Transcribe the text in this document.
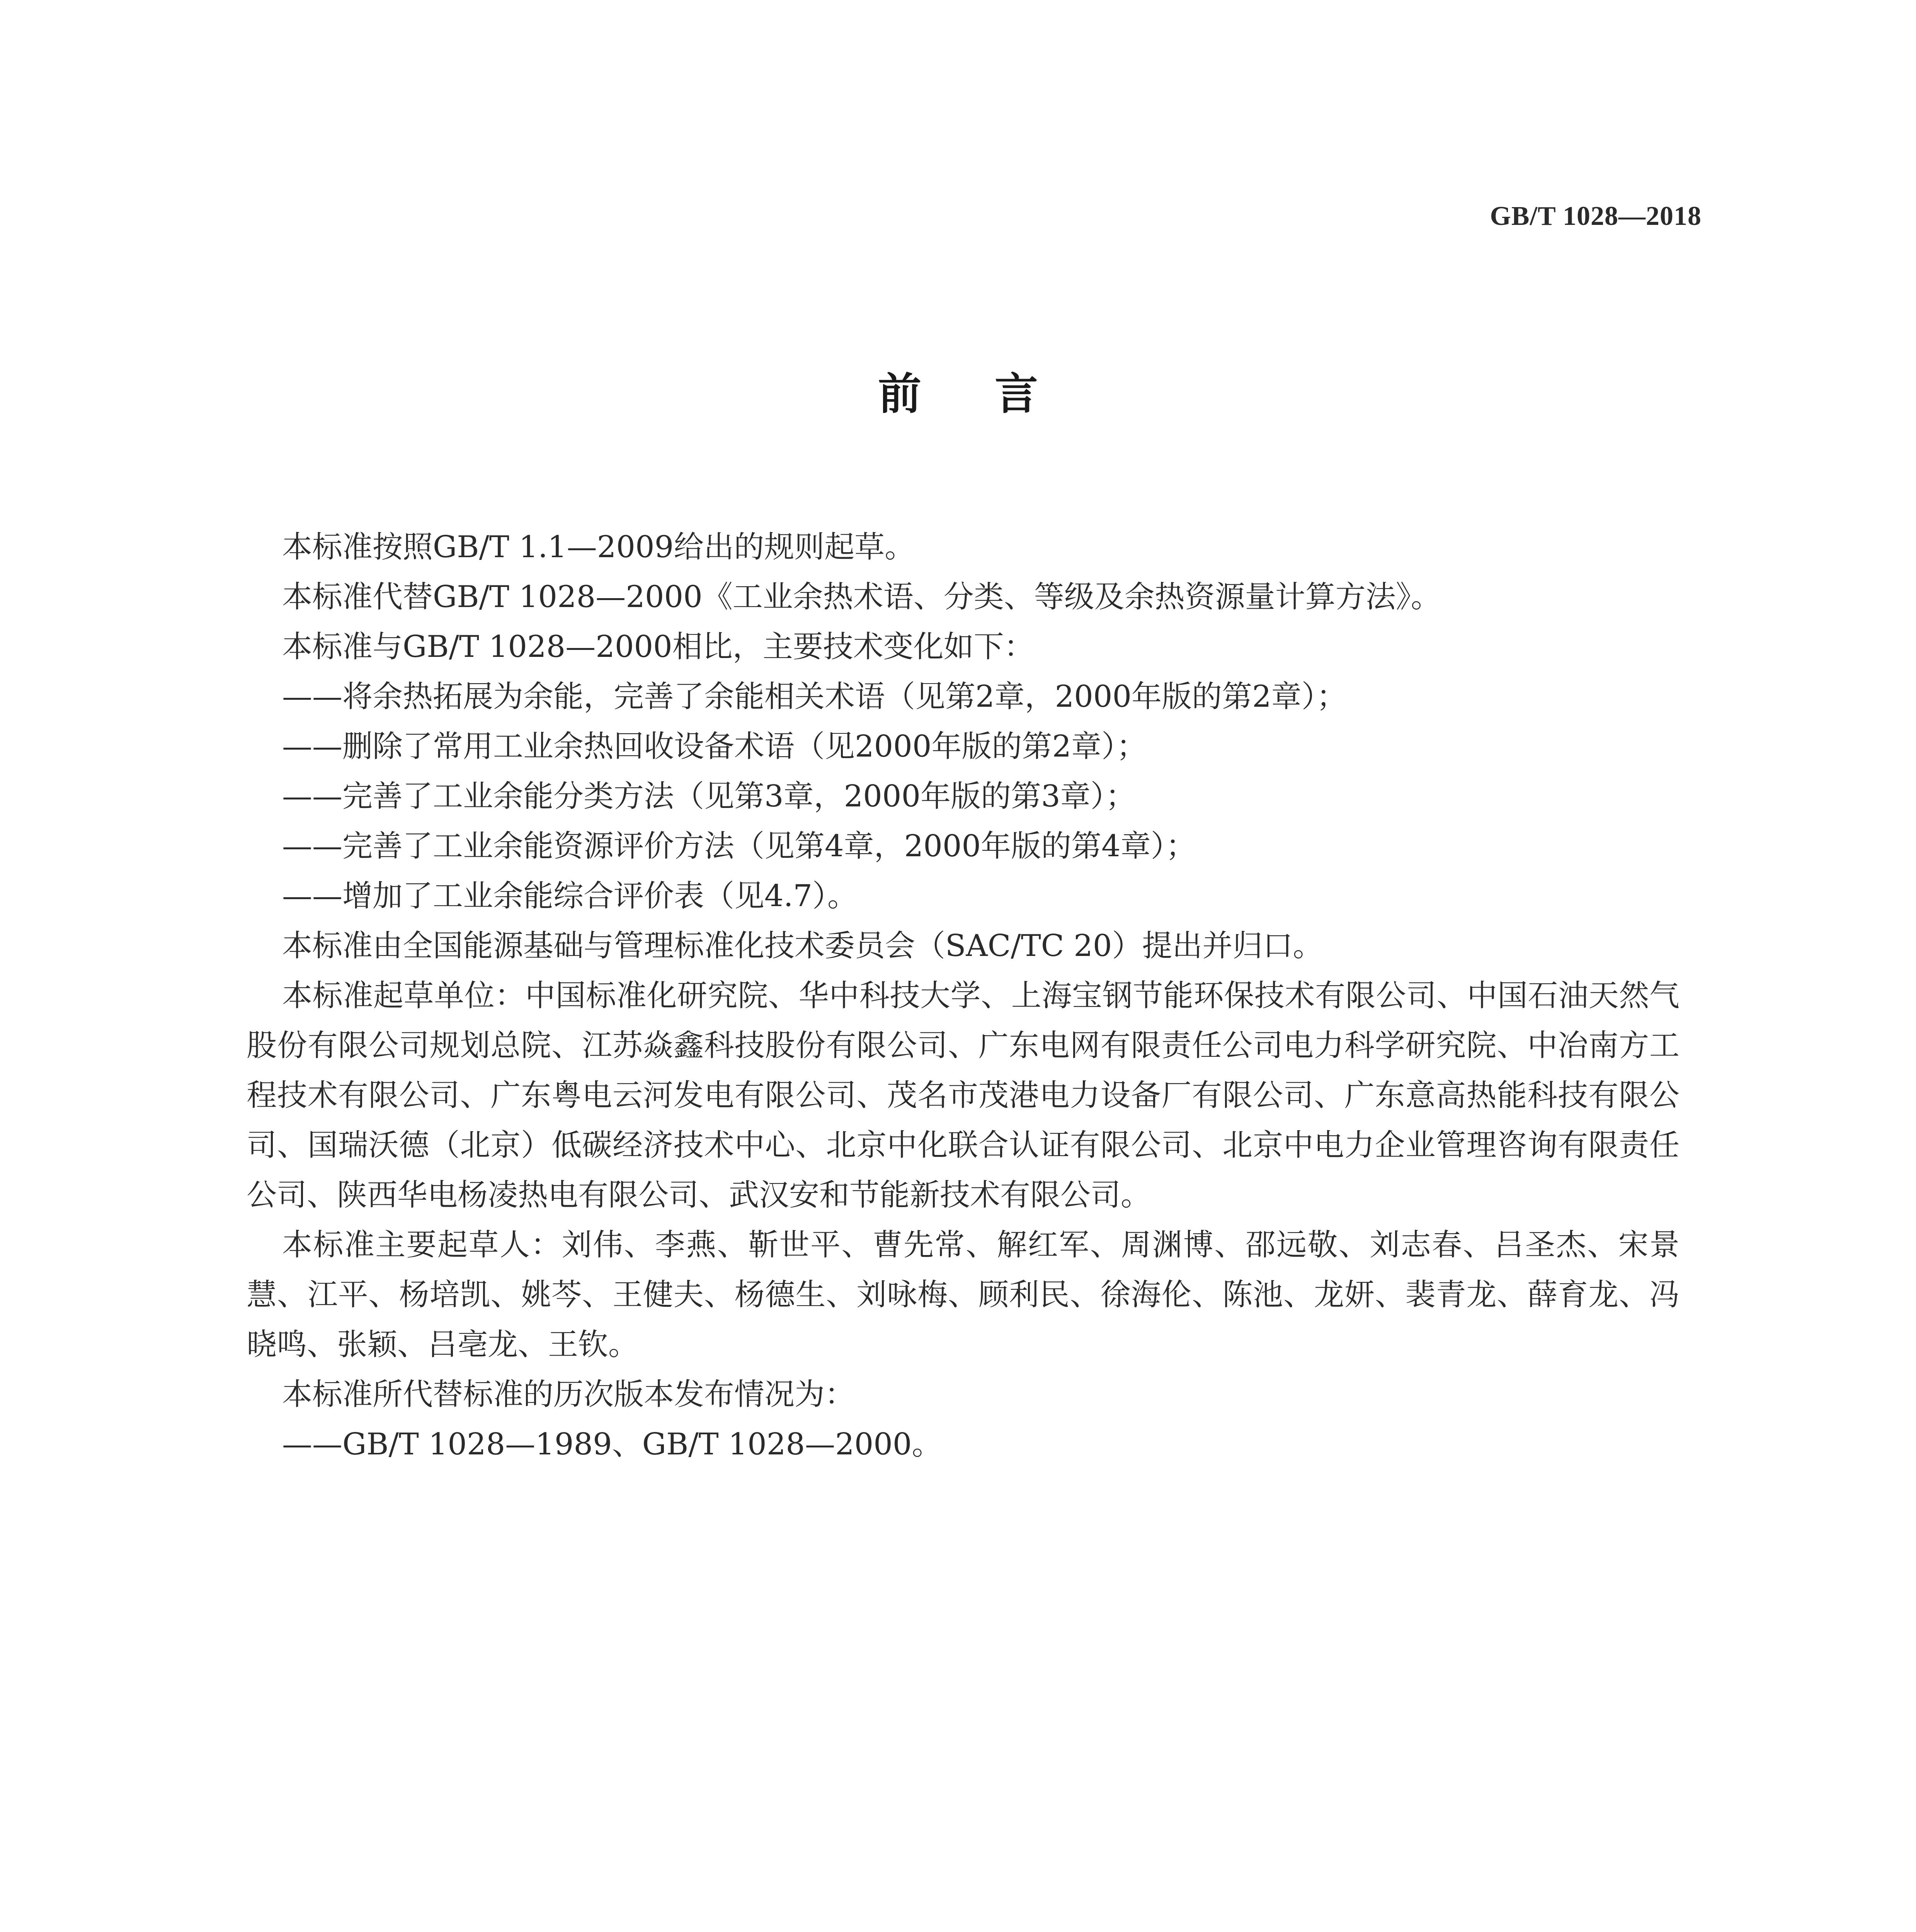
GB/T 1028—2018
前言

本标准按照GB/T 1.1—2009给出的规则起草。

本标准代替GB/T 1028—2000《工业余热术语、分类、等级及余热资源量计算方法》。

本标准与GB/T 1028—2000相比，主要技术变化如下：

——将余热拓展为余能，完善了余能相关术语（见第2章，2000年版的第2章）；

——删除了常用工业余热回收设备术语（见2000年版的第2章）；

——完善了工业余能分类方法（见第3章，2000年版的第3章）；

——完善了工业余能资源评价方法（见第4章，2000年版的第4章）；

——增加了工业余能综合评价表（见4.7）。

本标准由全国能源基础与管理标准化技术委员会（SAC/TC 20）提出并归口。

本标准起草单位：中国标准化研究院、华中科技大学、上海宝钢节能环保技术有限公司、中国石油天然气股份有限公司规划总院、江苏焱鑫科技股份有限公司、广东电网有限责任公司电力科学研究院、中冶南方工程技术有限公司、广东粤电云河发电有限公司、茂名市茂港电力设备厂有限公司、广东意高热能科技有限公司、国瑞沃德（北京）低碳经济技术中心、北京中化联合认证有限公司、北京中电力企业管理咨询有限责任公司、陕西华电杨凌热电有限公司、武汉安和节能新技术有限公司。

本标准主要起草人：刘伟、李燕、靳世平、曹先常、解红军、周渊博、邵远敬、刘志春、吕圣杰、宋景慧、江平、杨培凯、姚芩、王健夫、杨德生、刘咏梅、顾利民、徐海伦、陈池、龙妍、裴青龙、薛育龙、冯晓鸣、张颖、吕亳龙、王钦。

本标准所代替标准的历次版本发布情况为：

——GB/T 1028—1989、GB/T 1028—2000。
